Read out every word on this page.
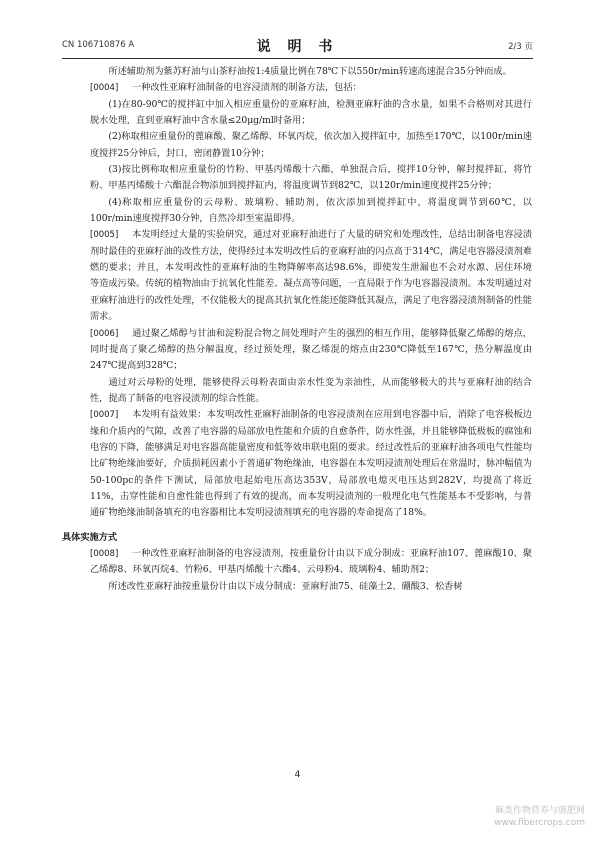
CN 106710876 A	说 明 书	2/3 页

所述辅助剂为紫苏籽油与山茶籽油按1:4质量比例在78℃下以550r/min转速高速混合35分钟而成。

[0004]   一种改性亚麻籽油制备的电容浸渍剂的制备方法，包括：

(1)在80-90℃的搅拌缸中加入相应重量份的亚麻籽油，检测亚麻籽油的含水量，如果不合格则对其进行脱水处理，直到亚麻籽油中含水量≤20μg/ml时备用；

(2)称取相应重量份的蓖麻酸、聚乙烯醇、环氧丙烷，依次加入搅拌缸中，加热至170℃，以100r/min速度搅拌25分钟后，封口，密闭静置10分钟；

(3)按比例称取相应重量份的竹粉、甲基丙烯酸十六酯，单独混合后，搅拌10分钟，解封搅拌缸，将竹粉、甲基丙烯酸十六酯混合物添加到搅拌缸内，将温度调节到82℃，以120r/min速度搅拌25分钟；

(4)称取相应重量份的云母粉、玻璃粉、辅助剂，依次添加到搅拌缸中，将温度调节到60℃，以100r/min速度搅拌30分钟，自然冷却至室温即得。

[0005]   本发明经过大量的实验研究，通过对亚麻籽油进行了大量的研究和处理改性，总结出制备电容浸渍剂时最佳的亚麻籽油的改性方法，使得经过本发明改性后的亚麻籽油的闪点高于314℃，满足电容器浸渍剂难燃的要求；并且，本发明改性的亚麻籽油的生物降解率高达98.6%，即使发生泄漏也不会对水源、居住环境等造成污染。传统的植物油由于抗氧化性能差、凝点高等问题，一直局限于作为电容器浸渍剂。本发明通过对亚麻籽油进行的改性处理，不仅能极大的提高其抗氧化性能还能降低其凝点，满足了电容器浸渍剂制备的性能需求。

[0006]   通过聚乙烯醇与甘油和淀粉混合物之间处理时产生的强烈的相互作用，能够降低聚乙烯醇的熔点，同时提高了聚乙烯醇的热分解温度，经过预处理，聚乙烯混的熔点由230℃降低至167℃，热分解温度由247℃提高到328℃；

通过对云母粉的处理，能够使得云母粉表面由亲水性变为亲油性，从而能够极大的共与亚麻籽油的结合性，提高了制备的电容浸渍剂的综合性能。

[0007]   本发明有益效果：本发明改性亚麻籽油制备的电容浸渍剂在应用到电容器中后，消除了电容极板边缘和介质内的气隙，改善了电容器的局部放电性能和介质的自愈条件，防水性强，并且能够降低极板的腐蚀和电容的下降，能够满足对电容器高能量密度和低等效串联电阻的要求。经过改性后的亚麻籽油各项电气性能均比矿物绝缘油要好，介质损耗因素小于普通矿物绝缘油，电容器在本发明浸渍剂处理后在常温时，脉冲幅值为50-100pc的条件下测试，局部放电起始电压高达353V，局部放电熄灭电压达到282V，均提高了将近11%，击穿性能和自愈性能也得到了有效的提高，而本发明浸渍剂的一般理化电气性能基本不受影响，与普通矿物绝缘油制备填充的电容器相比本发明浸渍剂填充的电容器的寿命提高了18%。

具体实施方式

[0008]   一种改性亚麻籽油制备的电容浸渍剂，按重量份计由以下成分制成：亚麻籽油107、蓖麻酸10、聚乙烯醇8、环氧丙烷4、竹粉6、甲基丙烯酸十六酯4、云母粉4、玻璃粉4、辅助剂2；

所述改性亚麻籽油按重量份计由以下成分制成：亚麻籽油75、硅藻土2、硼酸3、松香树

4
麻类作物营养与施肥网
www.fibercrops.com
